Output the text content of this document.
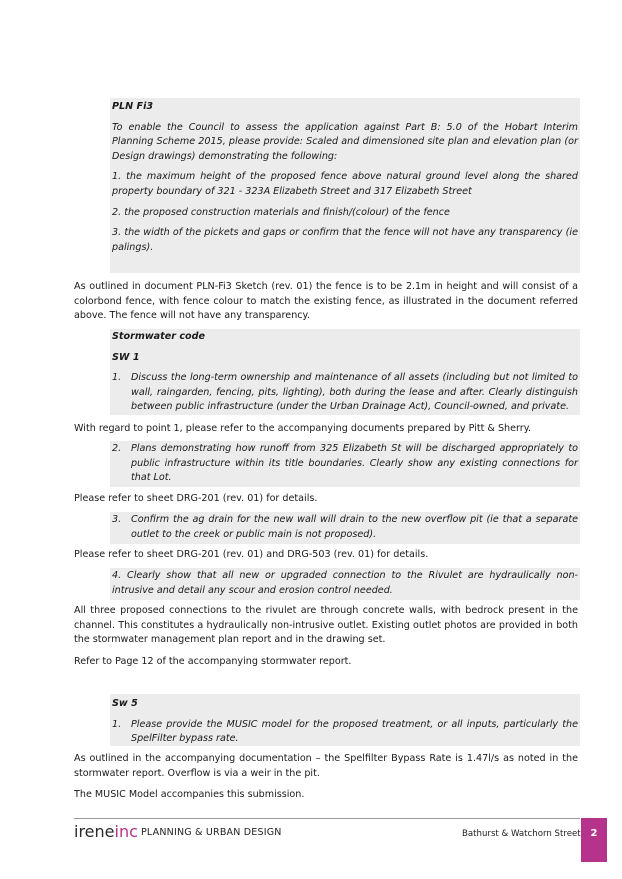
PLN Fi3

To enable the Council to assess the application against Part B: 5.0 of the Hobart Interim Planning Scheme 2015, please provide: Scaled and dimensioned site plan and elevation plan (or Design drawings) demonstrating the following:

1. the maximum height of the proposed fence above natural ground level along the shared property boundary of 321 - 323A Elizabeth Street and 317 Elizabeth Street

2. the proposed construction materials and finish/(colour) of the fence

3. the width of the pickets and gaps or confirm that the fence will not have any transparency (ie palings).

As outlined in document PLN-Fi3 Sketch (rev. 01) the fence is to be 2.1m in height and will consist of a colorbond fence, with fence colour to match the existing fence, as illustrated in the document referred above. The fence will not have any transparency.

Stormwater code

SW 1

1.	Discuss the long-term ownership and maintenance of all assets (including but not limited to wall, raingarden, fencing, pits, lighting), both during the lease and after. Clearly distinguish between public infrastructure (under the Urban Drainage Act), Council-owned, and private.

With regard to point 1, please refer to the accompanying documents prepared by Pitt & Sherry.

2.	Plans demonstrating how runoff from 325 Elizabeth St will be discharged appropriately to public infrastructure within its title boundaries. Clearly show any existing connections for that Lot.

Please refer to sheet DRG-201 (rev. 01) for details.

3.	Confirm the ag drain for the new wall will drain to the new overflow pit (ie that a separate outlet to the creek or public main is not proposed).

Please refer to sheet DRG-201 (rev. 01) and DRG-503 (rev. 01) for details.

4. Clearly show that all new or upgraded connection to the Rivulet are hydraulically non-intrusive and detail any scour and erosion control needed.

All three proposed connections to the rivulet are through concrete walls, with bedrock present in the channel. This constitutes a hydraulically non-intrusive outlet. Existing outlet photos are provided in both the stormwater management plan report and in the drawing set.

Refer to Page 12 of the accompanying stormwater report.

Sw 5

1.	Please provide the MUSIC model for the proposed treatment, or all inputs, particularly the SpelFilter bypass rate.

As outlined in the accompanying documentation – the Spelfilter Bypass Rate is 1.47l/s as noted in the stormwater report. Overflow is via a weir in the pit.

The MUSIC Model accompanies this submission.

ireneinc PLANNING & URBAN DESIGN	Bathurst & Watchorn Street 2
